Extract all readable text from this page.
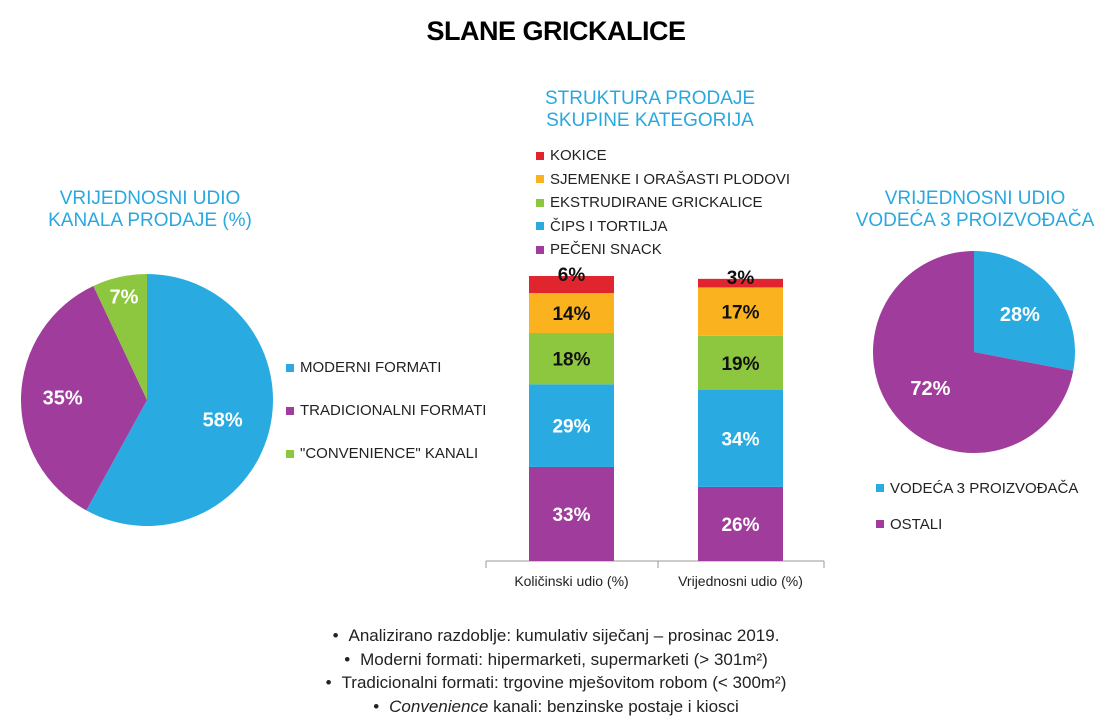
SLANE GRICKALICE
VRIJEDNOSNI UDIO
KANALA PRODAJE (%)
STRUKTURA PRODAJE
SKUPINE KATEGORIJA
VRIJEDNOSNI UDIO
VODEĆA 3 PROIZVOĐAČA
58%
35%
7%
28%
72%
33%
29%
18%
14%
6%
Količinski udio (%)
26%
34%
19%
17%
3%
Vrijednosni udio (%)
MODERNI FORMATI
TRADICIONALNI FORMATI
"CONVENIENCE" KANALI
KOKICE
SJEMENKE I ORAŠASTI PLODOVI
EKSTRUDIRANE GRICKALICE
ČIPS I TORTILJA
PEČENI SNACK
VODEĆA 3 PROIZVOĐAČA
OSTALI
• Analizirano razdoblje: kumulativ siječanj – prosinac 2019.
• Moderni formati: hipermarketi, supermarketi (> 301m²)
• Tradicionalni formati: trgovine mješovitom robom (< 300m²)
• Convenience kanali: benzinske postaje i kiosci
